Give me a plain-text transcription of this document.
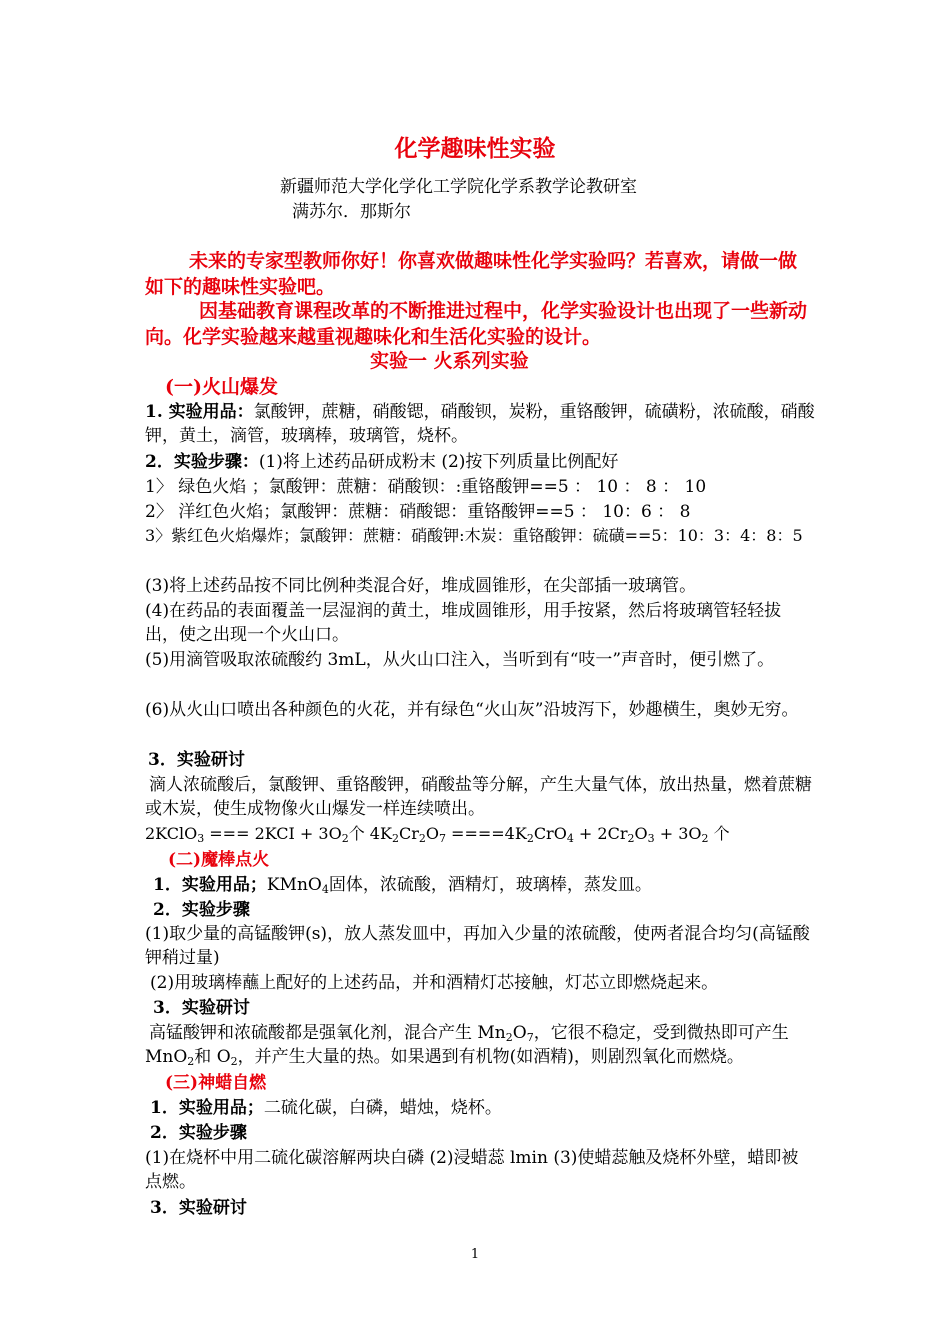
化学趣味性实验
新疆师范大学化学化工学院化学系教学论教研室
满苏尔．那斯尔
未来的专家型教师你好！你喜欢做趣味性化学实验吗？若喜欢，请做一做如下的趣味性实验吧。
因基础教育课程改革的不断推进过程中，化学实验设计也出现了一些新动向。化学实验越来越重视趣味化和生活化实验的设计。
实验一 火系列实验
(一)火山爆发
1. 实验用品：氯酸钾，蔗糖，硝酸锶，硝酸钡，炭粉，重铬酸钾，硫磺粉，浓硫酸，硝酸钾，黄土，滴管，玻璃棒，玻璃管，烧杯。
2．实验步骤：(1)将上述药品研成粉末 (2)按下列质量比例配好
1〉 绿色火焰 ；氯酸钾：蔗糖：硝酸钡：:重铬酸钾==5 ： 10 ： 8 ： 10
2〉 洋红色火焰；氯酸钾：蔗糖：硝酸锶：重铬酸钾==5 ： 10：6 ： 8
3〉紫红色火焰爆炸；氯酸钾：蔗糖：硝酸钾:木炭：重铬酸钾：硫磺==5：10：3：4：8：5
(3)将上述药品按不同比例种类混合好，堆成圆锥形，在尖部插一玻璃管。
(4)在药品的表面覆盖一层湿润的黄土，堆成圆锥形，用手按紧，然后将玻璃管轻轻拔出，使之出现一个火山口。
(5)用滴管吸取浓硫酸约 3mL，从火山口注入，当听到有“吱一”声音时，便引燃了。
(6)从火山口喷出各种颜色的火花，并有绿色“火山灰”沿坡泻下，妙趣横生，奥妙无穷。
3．实验研讨
滴人浓硫酸后，氯酸钾、重铬酸钾，硝酸盐等分解，产生大量气体，放出热量，燃着蔗糖或木炭，使生成物像火山爆发一样连续喷出。
2KClO$_3$ === $2KCI + 3O_2$个 $4K_2Cr_2O_7 ====4K_2CrO_4 + 2Cr_2O_3 + 3O_2$ 个
(二)魔棒点火
1．实验用品；KMnO$_4$固体，浓硫酸，酒精灯，玻璃棒，蒸发皿。
2．实验步骤
(1)取少量的高锰酸钾(s)，放人蒸发皿中，再加入少量的浓硫酸，使两者混合均匀(高锰酸钾稍过量)
(2)用玻璃棒蘸上配好的上述药品，并和酒精灯芯接触，灯芯立即燃烧起来。
3．实验研讨
高锰酸钾和浓硫酸都是强氧化剂，混合产生 $Mn_2O_7$，它很不稳定，受到微热即可产生 MnO$_2$和 $O_2$，并产生大量的热。如果遇到有机物(如酒精)，则剧烈氧化而燃烧。
(三)神蜡自燃
1．实验用品；二硫化碳，白磷，蜡烛，烧杯。
2．实验步骤
(1)在烧杯中用二硫化碳溶解两块白磷 (2)浸蜡蕊 lmin (3)使蜡蕊触及烧杯外壁，蜡即被点燃。
3．实验研讨
1
